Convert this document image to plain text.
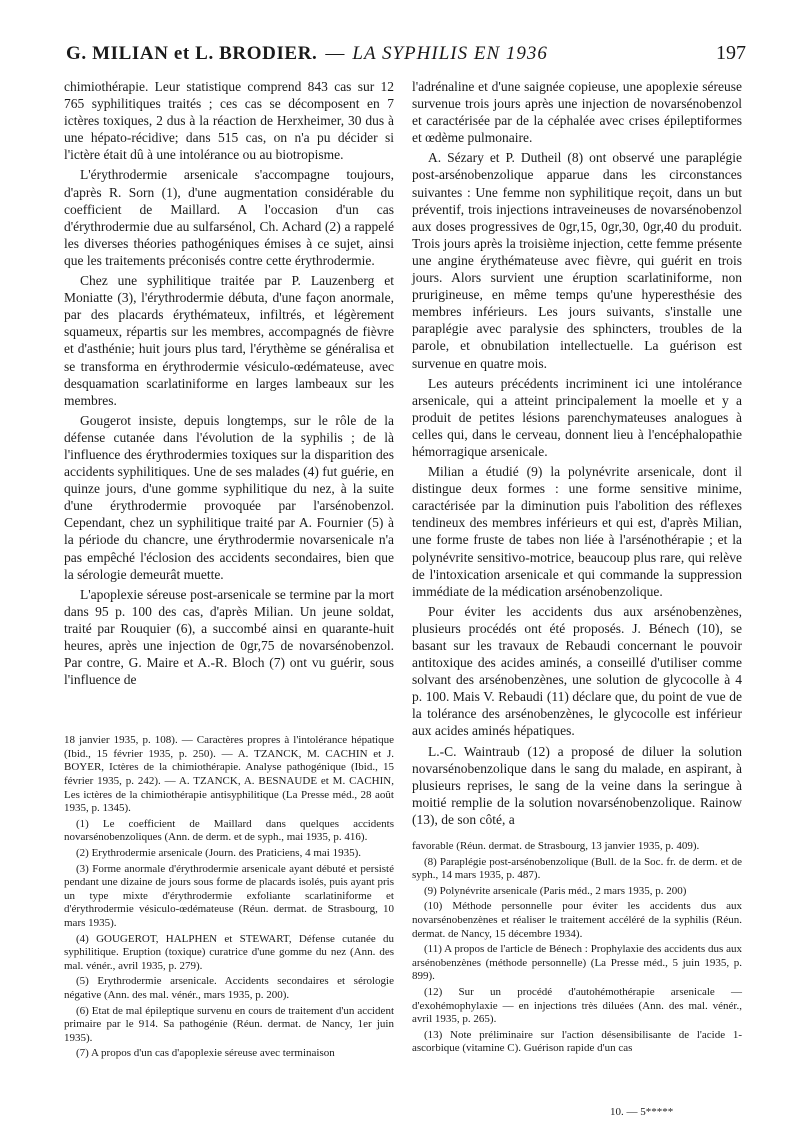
G. MILIAN et L. BRODIER. — LA SYPHILIS EN 1936	197

chimiothérapie. Leur statistique comprend 843 cas sur 12 765 syphilitiques traités ; ces cas se décomposent en 7 ictères toxiques, 2 dus à la réaction de Herxheimer, 30 dus à une hépato-récidive; dans 515 cas, on n'a pu décider si l'ictère était dû à une intolérance ou au biotropisme.

L'érythrodermie arsenicale s'accompagne toujours, d'après R. Sorn (1), d'une augmentation considérable du coefficient de Maillard. A l'occasion d'un cas d'érythrodermie due au sulfarsénol, Ch. Achard (2) a rappelé les diverses théories pathogéniques émises à ce sujet, ainsi que les traitements préconisés contre cette érythrodermie.

Chez une syphilitique traitée par P. Lauzenberg et Moniatte (3), l'érythrodermie débuta, d'une façon anormale, par des placards érythémateux, infiltrés, et légèrement squameux, répartis sur les membres, accompagnés de fièvre et d'asthénie; huit jours plus tard, l'érythème se généralisa et se transforma en érythrodermie vésiculo-œdémateuse, avec desquamation scarlatiniforme en larges lambeaux sur les membres.

Gougerot insiste, depuis longtemps, sur le rôle de la défense cutanée dans l'évolution de la syphilis ; de là l'influence des érythrodermies toxiques sur la disparition des accidents syphilitiques. Une de ses malades (4) fut guérie, en quinze jours, d'une gomme syphilitique du nez, à la suite d'une érythrodermie provoquée par l'arsénobenzol. Cependant, chez un syphilitique traité par A. Fournier (5) à la période du chancre, une érythrodermie novarsenicale n'a pas empêché l'éclosion des accidents secondaires, bien que la sérologie demeurât muette.

L'apoplexie séreuse post-arsenicale se termine par la mort dans 95 p. 100 des cas, d'après Milian. Un jeune soldat, traité par Rouquier (6), a succombé ainsi en quarante-huit heures, après une injection de 0gr,75 de novarsénobenzol. Par contre, G. Maire et A.-R. Bloch (7) ont vu guérir, sous l'influence de

18 janvier 1935, p. 108). — Caractères propres à l'intolérance hépatique (Ibid., 15 février 1935, p. 250). — A. TZANCK, M. CACHIN et J. BOYER, Ictères de la chimiothérapie. Analyse pathogénique (Ibid., 15 février 1935, p. 242). — A. TZANCK, A. BESNAUDE et M. CACHIN, Les ictères de la chimiothérapie antisyphilitique (La Presse méd., 28 août 1935, p. 1345).

(1) Le coefficient de Maillard dans quelques accidents novarsénobenzoliques (Ann. de derm. et de syph., mai 1935, p. 416).

(2) Erythrodermie arsenicale (Journ. des Praticiens, 4 mai 1935).

(3) Forme anormale d'érythrodermie arsenicale ayant débuté et persisté pendant une dizaine de jours sous forme de placards isolés, puis ayant pris un type mixte d'érythrodermie exfoliante scarlatiniforme et d'érythrodermie vésiculo-œdémateuse (Réun. dermat. de Strasbourg, 10 mars 1935).

(4) GOUGEROT, HALPHEN et STEWART, Défense cutanée du syphilitique. Eruption (toxique) curatrice d'une gomme du nez (Ann. des mal. vénér., avril 1935, p. 279).

(5) Erythrodermie arsenicale. Accidents secondaires et sérologie négative (Ann. des mal. vénér., mars 1935, p. 200).

(6) Etat de mal épileptique survenu en cours de traitement d'un accident primaire par le 914. Sa pathogénie (Réun. dermat. de Nancy, 1er juin 1935).

(7) A propos d'un cas d'apoplexie séreuse avec terminaison

l'adrénaline et d'une saignée copieuse, une apoplexie séreuse survenue trois jours après une injection de novarsénobenzol et caractérisée par de la céphalée avec crises épileptiformes et œdème pulmonaire.

A. Sézary et P. Dutheil (8) ont observé une paraplégie post-arsénobenzolique apparue dans les circonstances suivantes : Une femme non syphilitique reçoit, dans un but préventif, trois injections intraveineuses de novarsénobenzol aux doses progressives de 0gr,15, 0gr,30, 0gr,40 du produit. Trois jours après la troisième injection, cette femme présente une angine érythémateuse avec fièvre, qui guérit en trois jours. Alors survient une éruption scarlatiniforme, non prurigineuse, en même temps qu'une hyperesthésie des membres inférieurs. Les jours suivants, s'installe une paraplégie avec paralysie des sphincters, troubles de la parole, et obnubilation intellectuelle. La guérison est survenue en quatre mois.

Les auteurs précédents incriminent ici une intolérance arsenicale, qui a atteint principalement la moelle et y a produit de petites lésions parenchymateuses analogues à celles qui, dans le cerveau, donnent lieu à l'encéphalopathie hémorragique arsenicale.

Milian a étudié (9) la polynévrite arsenicale, dont il distingue deux formes : une forme sensitive minime, caractérisée par la diminution puis l'abolition des réflexes tendineux des membres inférieurs et qui est, d'après Milian, une forme fruste de tabes non liée à l'arsénothérapie ; et la polynévrite sensitivo-motrice, beaucoup plus rare, qui relève de l'intoxication arsenicale et qui commande la suppression immédiate de la médication arsénobenzolique.

Pour éviter les accidents dus aux arsénobenzènes, plusieurs procédés ont été proposés. J. Bénech (10), se basant sur les travaux de Rebaudi concernant le pouvoir antitoxique des acides aminés, a conseillé d'utiliser comme solvant des arsénobenzènes, une solution de glycocolle à 4 p. 100. Mais V. Rebaudi (11) déclare que, du point de vue de la tolérance des arsénobenzènes, le glycocolle est inférieur aux acides aminés hépatiques.

L.-C. Waintraub (12) a proposé de diluer la solution novarsénobenzolique dans le sang du malade, en aspirant, à plusieurs reprises, le sang de la veine dans la seringue à moitié remplie de la solution novarsénobenzolique. Rainow (13), de son côté, a

favorable (Réun. dermat. de Strasbourg, 13 janvier 1935, p. 409).

(8) Paraplégie post-arsénobenzolique (Bull. de la Soc. fr. de derm. et de syph., 14 mars 1935, p. 487).

(9) Polynévrite arsenicale (Paris méd., 2 mars 1935, p. 200)

(10) Méthode personnelle pour éviter les accidents dus aux novarsénobenzènes et réaliser le traitement accéléré de la syphilis (Réun. dermat. de Nancy, 15 décembre 1934).

(11) A propos de l'article de Bénech : Prophylaxie des accidents dus aux arsénobenzènes (méthode personnelle) (La Presse méd., 5 juin 1935, p. 899).

(12) Sur un procédé d'autohémothérapie arsenicale — d'exohémophylaxie — en injections très diluées (Ann. des mal. vénér., avril 1935, p. 265).

(13) Note préliminaire sur l'action désensibilisante de l'acide 1-ascorbique (vitamine C). Guérison rapide d'un cas

10. — 5*****
